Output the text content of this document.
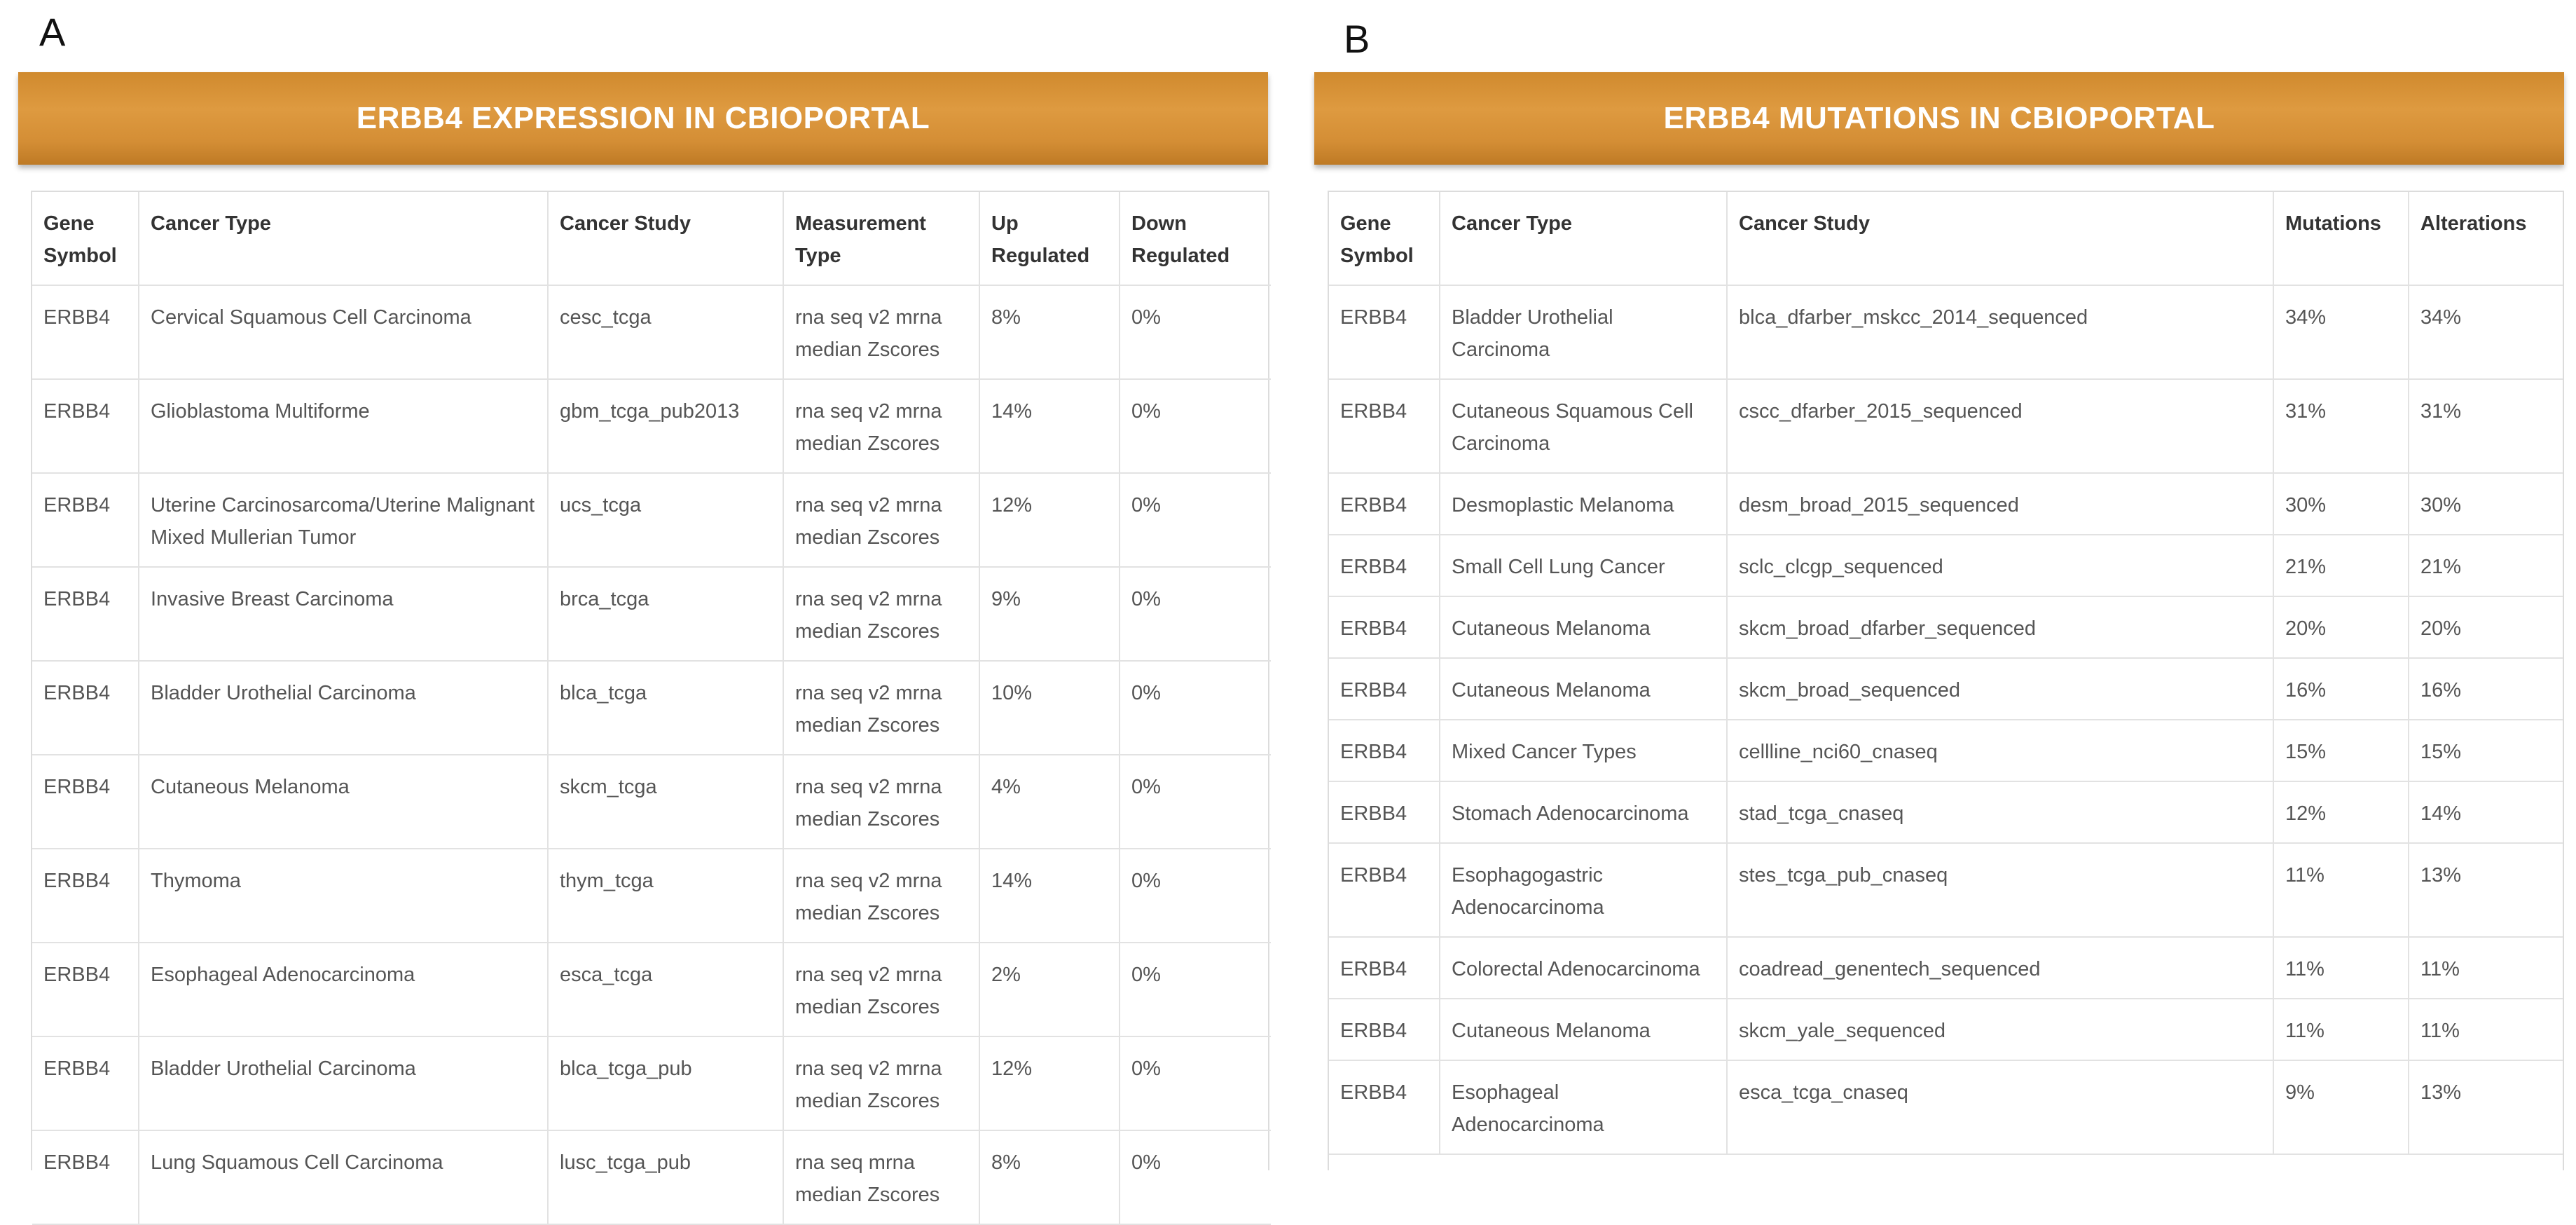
A	B
ERBB4 EXPRESSION IN CBIOPORTAL	ERBB4 MUTATIONS IN CBIOPORTAL
Gene Symbol	Cancer Type	Cancer Study	Measurement Type	Up Regulated	Down Regulated
ERBB4	Cervical Squamous Cell Carcinoma	cesc_tcga	rna seq v2 mrna median Zscores	8%	0%
ERBB4	Glioblastoma Multiforme	gbm_tcga_pub2013	rna seq v2 mrna median Zscores	14%	0%
ERBB4	Uterine Carcinosarcoma/Uterine Malignant Mixed Mullerian Tumor	ucs_tcga	rna seq v2 mrna median Zscores	12%	0%
ERBB4	Invasive Breast Carcinoma	brca_tcga	rna seq v2 mrna median Zscores	9%	0%
ERBB4	Bladder Urothelial Carcinoma	blca_tcga	rna seq v2 mrna median Zscores	10%	0%
ERBB4	Cutaneous Melanoma	skcm_tcga	rna seq v2 mrna median Zscores	4%	0%
ERBB4	Thymoma	thym_tcga	rna seq v2 mrna median Zscores	14%	0%
ERBB4	Esophageal Adenocarcinoma	esca_tcga	rna seq v2 mrna median Zscores	2%	0%
ERBB4	Bladder Urothelial Carcinoma	blca_tcga_pub	rna seq v2 mrna median Zscores	12%	0%
ERBB4	Lung Squamous Cell Carcinoma	lusc_tcga_pub	rna seq mrna median Zscores	8%	0%
Gene Symbol	Cancer Type	Cancer Study	Mutations	Alterations
ERBB4	Bladder Urothelial Carcinoma	blca_dfarber_mskcc_2014_sequenced	34%	34%
ERBB4	Cutaneous Squamous Cell Carcinoma	cscc_dfarber_2015_sequenced	31%	31%
ERBB4	Desmoplastic Melanoma	desm_broad_2015_sequenced	30%	30%
ERBB4	Small Cell Lung Cancer	sclc_clcgp_sequenced	21%	21%
ERBB4	Cutaneous Melanoma	skcm_broad_dfarber_sequenced	20%	20%
ERBB4	Cutaneous Melanoma	skcm_broad_sequenced	16%	16%
ERBB4	Mixed Cancer Types	cellline_nci60_cnaseq	15%	15%
ERBB4	Stomach Adenocarcinoma	stad_tcga_cnaseq	12%	14%
ERBB4	Esophagogastric Adenocarcinoma	stes_tcga_pub_cnaseq	11%	13%
ERBB4	Colorectal Adenocarcinoma	coadread_genentech_sequenced	11%	11%
ERBB4	Cutaneous Melanoma	skcm_yale_sequenced	11%	11%
ERBB4	Esophageal Adenocarcinoma	esca_tcga_cnaseq	9%	13%
